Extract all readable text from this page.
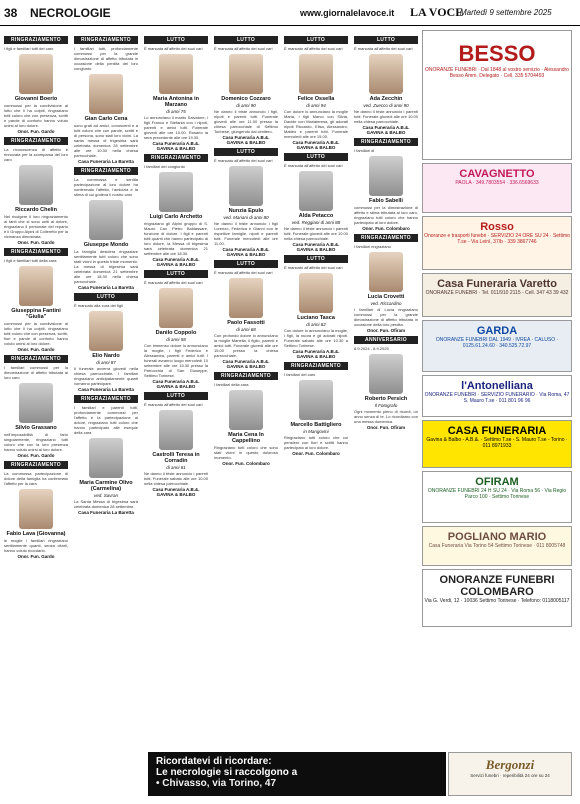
38 NECROLOGIE	www.giornalelavoce.it LA VOCE
Martedì 9 settembre 2025
RINGRAZIAMENTO
I figli e familiari tutti del caro
Giovanni Boerio
commossi per la condivisione al lutto che li ha colpiti, ringraziano tutti coloro che con presenza, scritti e parole di conforto hanno voluto unirsi al loro dolore.
Onor. Fun. Gardo
RINGRAZIAMENTO
La riconoscenza di affetto è rinnovata per la scomparsa del loro caro
Riccardo Chelin
Nel rivolgere il loro ringraziamento ai tanti che si sono uniti al dolore, ringraziano il personale del reparto e il Gruppo Alpini di Colleretto per la vicinanza dimostrata.
Onor. Fun. Gardo
RINGRAZIAMENTO
I figli e familiari tutti della cara
Giuseppina Fantini "Giulia"
commossi per la condivisione al lutto che li ha colpiti, ringraziano tutti coloro che con presenza, scritti, fiori e parole di conforto hanno voluto unirsi al loro dolore.
Onor. Fun. Gardo
RINGRAZIAMENTO
I familiari commossi per la dimostrazione di affetto tributata al loro caro
Silvio Grassano
nell'impossibilità di farlo singolarmente, ringraziano tutti coloro che con la loro presenza hanno voluto unirsi al loro dolore.
Onor. Fun. Gardo
RINGRAZIAMENTO
La commossa partecipazione di dolore della famiglia ha confermato l'affetto per la cara
Fabio Lava (Giovanna)
le moglie i familiari ringraziano sentitamente quanti, senza citarli, hanno voluto ricordarlo.
Onor. Fun. Gardo
RINGRAZIAMENTO
I familiari tutti, profondamente commossi per la grande dimostrazione di affetto tributata in occasione della perdita del loro congiunto
Gian Carlo Cena
sono grati ad amici, conoscenti e a tutti coloro che con parole, scritti e di persona, sono stati loro vicini. La santa messa di trigesima sarà celebrata domenica 28 settembre alle ore 10.30 nella chiesa parrocchiale.
Casa Funeraria La Baretta
RINGRAZIAMENTO
La commossa e sentita partecipazione al loro dolore ha confermato l'affetto, l'amicizia e la stima di cui godeva il nostro caro
Giuseppe Mondo
La famiglia desidera ringraziare sentitamente tutti coloro che sono stati vicini in questo triste momento. La messa di trigesima sarà celebrata domenica 21 settembre alle ore 18.30 nella chiesa parrocchiale.
Casa Funeraria La Baretta
LUTTO
È mancato alla cura dei figli
Elio Nardo
di anni 87
Il funerale avverrà giovedì nella chiesa parrocchiale. I familiari ringraziano anticipatamente quanti vorranno partecipare.
Casa Funeraria La Baretta
RINGRAZIAMENTO
I familiari e parenti tutti, profondamente commossi per l'affetto e la partecipazione al dolore, ringraziano tutti coloro che hanno partecipato alle esequie della cara
Maria Carmine Olivo (Carmelina)
ved. Savran
La Santa Messa di trigesima sarà celebrata domenica 28 settembre.
Casa Funeraria La Baretta
LUTTO
È mancata all'affetto dei suoi cari
Maria Antonina in Marzano
di anni 75
Lo annunciano il marito Salvatore, i figli Franco e Stefania con i nipoti, parenti e amici tutti. Funerale giovedì alle ore 10.00. Rosario la sera precedente alle ore 19.30.
Casa Funeraria A.B.&. GAVINA & BALBO
RINGRAZIAMENTO
I familiari del congiunto
Luigi Carlo Archetto
ringraziano gli Alpini gruppo di S. Mauro Cav. Pietro Baldassare, funzione di dolore. I figli e parenti tutti quanti che hanno partecipato al loro dolore, la Messa di trigesima sarà celebrata domenica 21 settembre alle ore 18.30.
Casa Funeraria A.B.&. GAVINA & BALBO
LUTTO
È mancato all'affetto dei suoi cari
Danilo Coppolo
di anni 58
Con immenso dolore lo annunciano la moglie, i figli Federico e Alessandra, parenti e amici tutti. I funerali avranno luogo mercoledì 10 settembre alle ore 15.30 presso la Parrocchia di San Giuseppe, Settimo Torinese.
Casa Funeraria A.B.&. GAVINA & BALBO
LUTTO
È mancato all'affetto dei suoi cari
Castrolli Teresa in Corradin
di anni 81
Ne danno il triste annuncio i parenti tutti. Funerale sabato alle ore 10.00 nella chiesa parrocchiale.
Casa Funeraria A.B.&. GAVINA & BALBO
LUTTO
È mancata all'affetto dei suoi cari
Domenico Cozzaro
di anni 90
Ne danno il triste annuncio i figli, nipoti e parenti tutti. Funerale giovedì alle ore 11.00 presso la chiesa parrocchiale di Settimo Torinese, giungendo dal cimitero.
Casa Funeraria A.B.&. GAVINA & BALBO
LUTTO
È mancato all'affetto dei suoi cari
Nunzia Epulo
ved. Mariani di anni 80
Ne danno il triste annuncio i figli Lorenzo, Federica e Gianni con le rispettive famiglie, nipoti e parenti tutti. Funerale mercoledì alle ore 11.00.
Casa Funeraria A.B.&. GAVINA & BALBO
LUTTO
È mancato all'affetto dei suoi cari
Paolo Fassotti
di anni 68
Con profondo dolore lo annunciano la moglie Mariella, il figlio, parenti e amici tutti. Funerale giovedì alle ore 15.00 presso la chiesa parrocchiale.
Casa Funeraria A.B.&. GAVINA & BALBO
RINGRAZIAMENTO
I familiari della cara
Maria Cena In Cappellino
Ringraziano tutti coloro che sono stati vicini in questo doloroso momento.
Onor. Fun. Colombaro
LUTTO
È mancato all'affetto dei suoi cari
Felice Ossella
di anni 94
Con dolore lo annunciano la moglie Maria, i figli Marco con Silvia, Davide con Mariateresa, gli adorati nipoti Riccardo, Elisa, Alessandro, Matteo e parenti tutti. Funerale mercoledì alle ore 15.00.
Casa Funeraria A.B.&. GAVINA & BALBO
LUTTO
È mancata all'affetto dei suoi cari
Alda Petacco
ved. Reggiani di anni 88
Ne danno il triste annuncio i parenti tutti. Funerale giovedì alle ore 10.00 nella chiesa parrocchiale.
Casa Funeraria A.B.&. GAVINA & BALBO
LUTTO
È mancato all'affetto dei suoi cari
Luciano Tasca
di anni 82
Con dolore lo annunciano la moglie, i figli, la nuora e gli adorati nipoti. Funerale sabato alle ore 10.30 a Settimo Torinese.
Casa Funeraria A.B.&. GAVINA & BALBO
RINGRAZIAMENTO
I familiari del caro
Marcello Battigliero
in Mangovini
Ringraziano tutti coloro che col pensiero con fiori e scritti hanno partecipato al loro dolore.
Onor. Fun. Colombaro
LUTTO
È mancata all'affetto dei suoi cari
Ada Zecchin
ved. Zuecco di anni 90
Ne danno il triste annuncio i parenti tutti. Funerale giovedì alle ore 10.00 nella chiesa parrocchiale.
Casa Funeraria A.B.&. GAVINA & BALBO
RINGRAZIAMENTO
I familiari di
Fabio Sabelli
commossi per la dimostrazione di affetto e stima tributata al loro caro, ringraziano tutti coloro che hanno partecipato al loro dolore.
Onor. Fun. Colombaro
RINGRAZIAMENTO
I familiari ringraziano
Lucia Crovetti
ved. Riccardino
I familiari di Lucia ringraziano commossi per la grande dimostrazione di affetto tributata in occasione della loro perdita.
Onor. Fun. Ofiram
ANNIVERSARIO
8.9.2024 - 8.9.2025
Roberto Persich
Il Fotografo
Ogni momento pieno di ricordi, un anno senza di te. Lo ricordiamo con una messa domenica.
Onor. Fun. Ofiram
BESSO
ONORANZE FUNEBRI · Dal 1848 al vostro servizio · Alessandro Besso Amm. Delegato · Cell. 335 5704493
CAVAGNETTO
PAOLA · 349.7803554 · 336.6569633
Rosso
Onoranze e trasporti funebri · SERVIZIO 24 ORE SU 24 · Settimo T.se - Via Leinì, 37/b · 339 3867746
Casa Funeraria Varetto
ONORANZE FUNEBRI · Tel. 011/910 2115 - Cell. 347 43 39 432
GARDA
ONORANZE FUNEBRI DAL 1949 · IVREA · CALUSO · 0125.61.24.60 · 340.525.72.97
l'Antonelliana
ONORANZE FUNEBRI · SERVIZIO FUNERARIO · Via Roma, 47 S. Mauro T.se · 011 801 96 96
CASA FUNERARIA
Gavina & Balbo - A.B.&. · Settimo T.se - S. Mauro T.se - Torino · 011 8971933
OFIRAM
ONORANZE FUNEBRI 24 H SU 24 · Via Roma 56 · Via Regio Parco 100 · Settimo Torinese
POGLIANO MARIO
Casa Funeraria Via Torino 54 Settimo Torinese · 011 8005748
ONORANZE FUNEBRI COLOMBARO
Via G. Verdi, 12 · 10036 Settimo Torinese · Telefono: 0118005117
Ricordatevi di ricordare:
Le necrologie si raccolgono a
• Chivasso, via Torino, 47
Bergonzi
Servizi funebri · reperibilità 24 ore su 24
